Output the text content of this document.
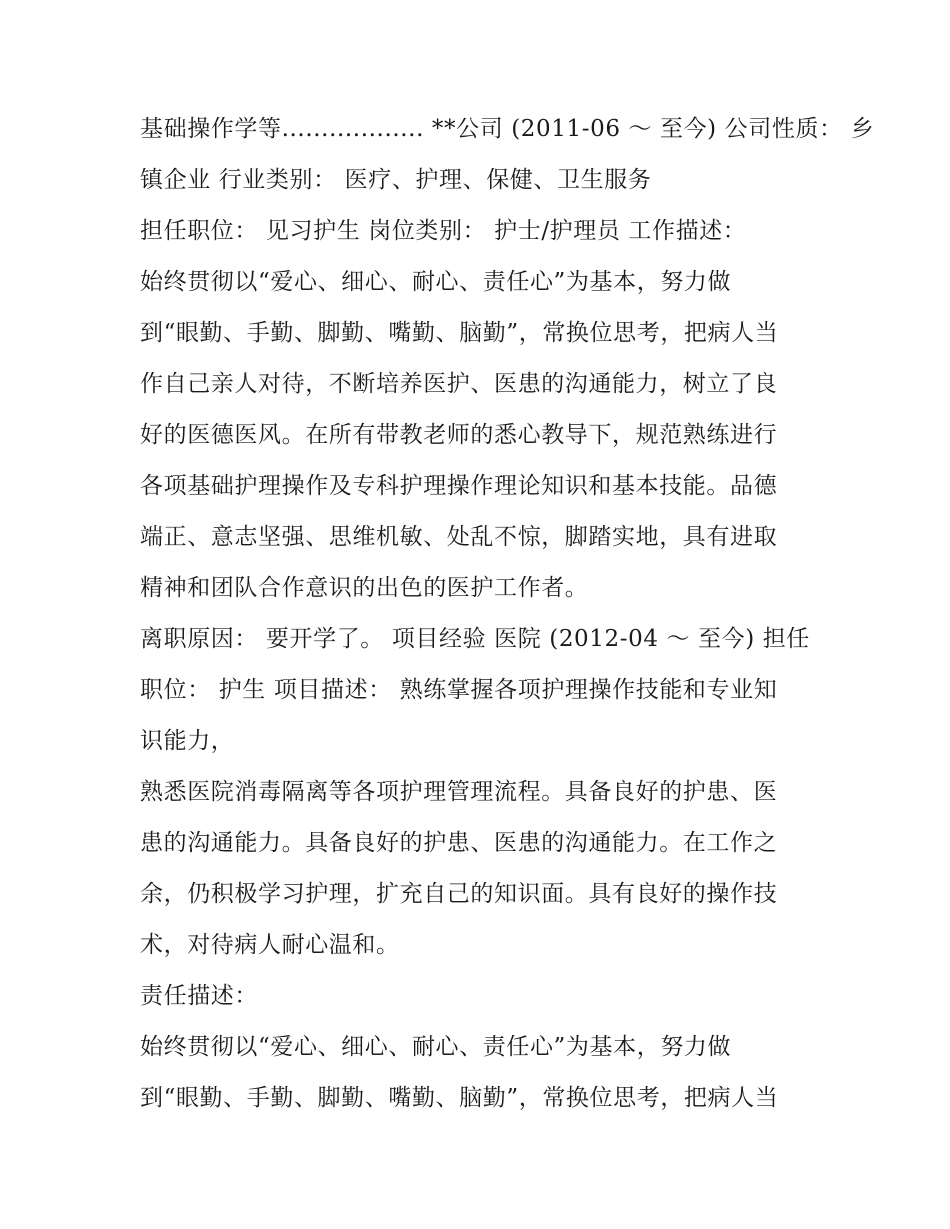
基础操作学等.................. **公司 (2011-06 ～ 至今) 公司性质： 乡

镇企业 行业类别： 医疗、护理、保健、卫生服务

担任职位： 见习护生 岗位类别： 护士/护理员 工作描述：

始终贯彻以“爱心、细心、耐心、责任心”为基本，努力做

到“眼勤、手勤、脚勤、嘴勤、脑勤”，常换位思考，把病人当

作自己亲人对待，不断培养医护、医患的沟通能力，树立了良

好的医德医风。在所有带教老师的悉心教导下，规范熟练进行

各项基础护理操作及专科护理操作理论知识和基本技能。品德

端正、意志坚强、思维机敏、处乱不惊，脚踏实地，具有进取

精神和团队合作意识的出色的医护工作者。

离职原因： 要开学了。 项目经验 医院 (2012-04 ～ 至今) 担任

职位： 护生 项目描述： 熟练掌握各项护理操作技能和专业知

识能力，

熟悉医院消毒隔离等各项护理管理流程。具备良好的护患、医

患的沟通能力。具备良好的护患、医患的沟通能力。在工作之

余，仍积极学习护理，扩充自己的知识面。具有良好的操作技

术，对待病人耐心温和。

责任描述：

始终贯彻以“爱心、细心、耐心、责任心”为基本，努力做

到“眼勤、手勤、脚勤、嘴勤、脑勤”，常换位思考，把病人当
